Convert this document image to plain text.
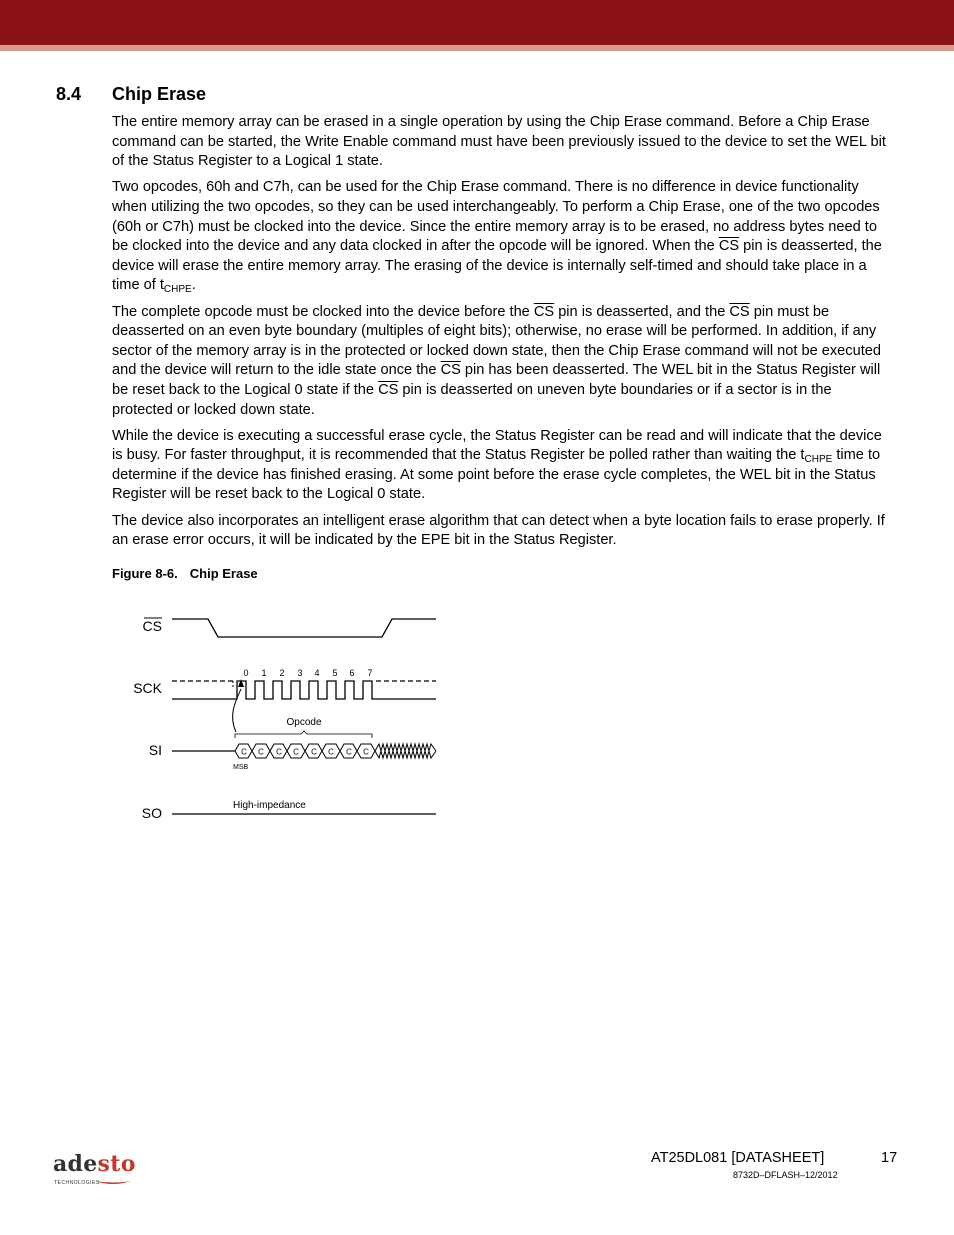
8.4 Chip Erase

The entire memory array can be erased in a single operation by using the Chip Erase command. Before a Chip Erase command can be started, the Write Enable command must have been previously issued to the device to set the WEL bit of the Status Register to a Logical 1 state.

Two opcodes, 60h and C7h, can be used for the Chip Erase command. There is no difference in device functionality when utilizing the two opcodes, so they can be used interchangeably. To perform a Chip Erase, one of the two opcodes (60h or C7h) must be clocked into the device. Since the entire memory array is to be erased, no address bytes need to be clocked into the device and any data clocked in after the opcode will be ignored. When the $\overline{CS}$ pin is deasserted, the device will erase the entire memory array. The erasing of the device is internally self-timed and should take place in a time of $t_{CHPE}$.

The complete opcode must be clocked into the device before the $\overline{CS}$ pin is deasserted, and the $\overline{CS}$ pin must be deasserted on an even byte boundary (multiples of eight bits); otherwise, no erase will be performed. In addition, if any sector of the memory array is in the protected or locked down state, then the Chip Erase command will not be executed and the device will return to the idle state once the $\overline{CS}$ pin has been deasserted. The WEL bit in the Status Register will be reset back to the Logical 0 state if the $\overline{CS}$ pin is deasserted on uneven byte boundaries or if a sector is in the protected or locked down state.

While the device is executing a successful erase cycle, the Status Register can be read and will indicate that the device is busy. For faster throughput, it is recommended that the Status Register be polled rather than waiting the $t_{CHPE}$ time to determine if the device has finished erasing. At some point before the erase cycle completes, the WEL bit in the Status Register will be reset back to the Logical 0 state.

The device also incorporates an intelligent erase algorithm that can detect when a byte location fails to erase properly. If an erase error occurs, it will be indicated by the EPE bit in the Status Register.

Figure 8-6. Chip Erase
CS
SCK
SI
SO
0 1 2 3 4 5 6 7
Opcode
C C C C C C C C
MSB
High-impedance
adesto
TECHNOLOGIES
AT25DL081 [DATASHEET]	17
8732D–DFLASH–12/2012
